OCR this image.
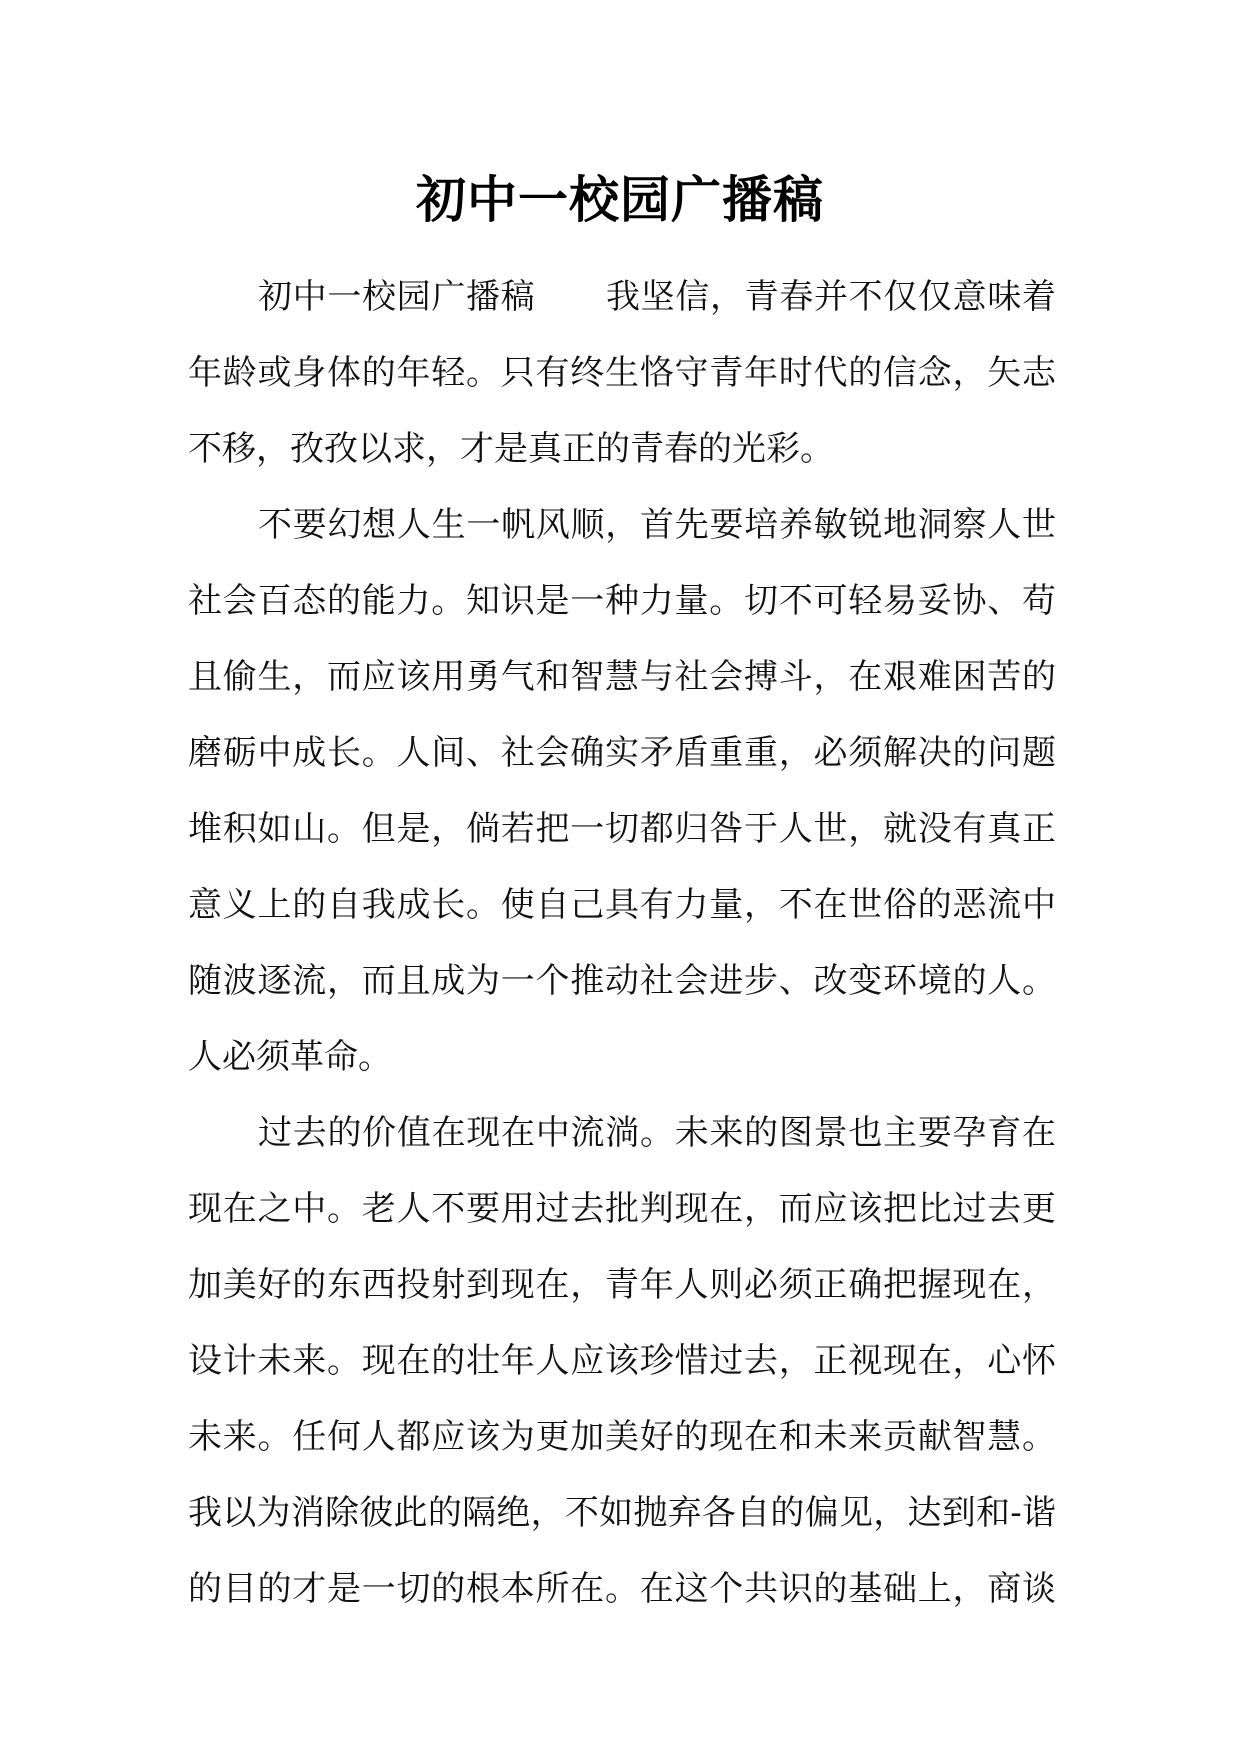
初中一校园广播稿
初中一校园广播稿 我坚信，青春并不仅仅意味着
年龄或身体的年轻。只有终生恪守青年时代的信念，矢志
不移，孜孜以求，才是真正的青春的光彩。
不要幻想人生一帆风顺，首先要培养敏锐地洞察人世
社会百态的能力。知识是一种力量。切不可轻易妥协、苟
且偷生，而应该用勇气和智慧与社会搏斗，在艰难困苦的
磨砺中成长。人间、社会确实矛盾重重，必须解决的问题
堆积如山。但是，倘若把一切都归咎于人世，就没有真正
意义上的自我成长。使自己具有力量，不在世俗的恶流中
随波逐流，而且成为一个推动社会进步、改变环境的人。
人必须革命。
过去的价值在现在中流淌。未来的图景也主要孕育在
现在之中。老人不要用过去批判现在，而应该把比过去更
加美好的东西投射到现在，青年人则必须正确把握现在，
设计未来。现在的壮年人应该珍惜过去，正视现在，心怀
未来。任何人都应该为更加美好的现在和未来贡献智慧。
我以为消除彼此的隔绝，不如抛弃各自的偏见，达到和-谐
的目的才是一切的根本所在。在这个共识的基础上，商谈
